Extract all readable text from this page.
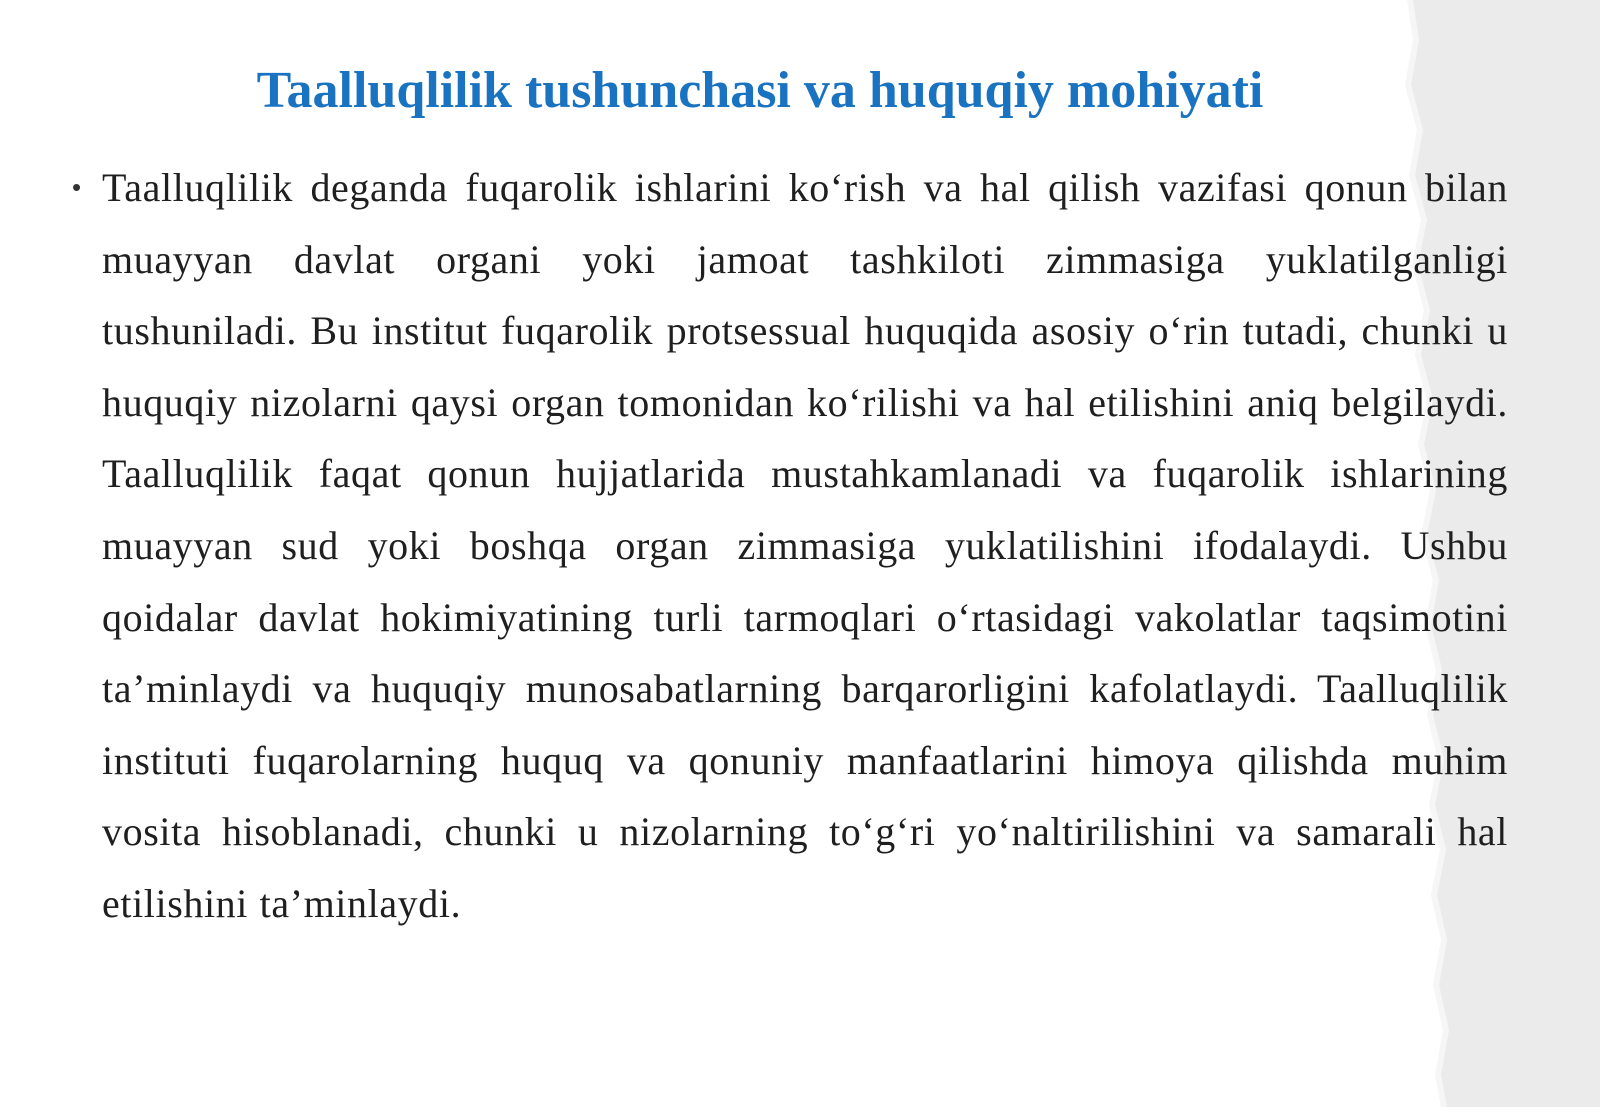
Taalluqlilik tushunchasi va huquqiy mohiyati
• Taalluqlilik deganda fuqarolik ishlarini ko‘rish va hal qilish vazifasi qonun bilan muayyan davlat organi yoki jamoat tashkiloti zimmasiga yuklatilganligi tushuniladi. Bu institut fuqarolik protsessual huquqida asosiy o‘rin tutadi, chunki u huquqiy nizolarni qaysi organ tomonidan ko‘rilishi va hal etilishini aniq belgilaydi. Taalluqlilik faqat qonun hujjatlarida mustahkamlanadi va fuqarolik ishlarining muayyan sud yoki boshqa organ zimmasiga yuklatilishini ifodalaydi. Ushbu qoidalar davlat hokimiyatining turli tarmoqlari o‘rtasidagi vakolatlar taqsimotini ta’minlaydi va huquqiy munosabatlarning barqarorligini kafolatlaydi. Taalluqlilik instituti fuqarolarning huquq va qonuniy manfaatlarini himoya qilishda muhim vosita hisoblanadi, chunki u nizolarning to‘g‘ri yo‘naltirilishini va samarali hal etilishini ta’minlaydi.
